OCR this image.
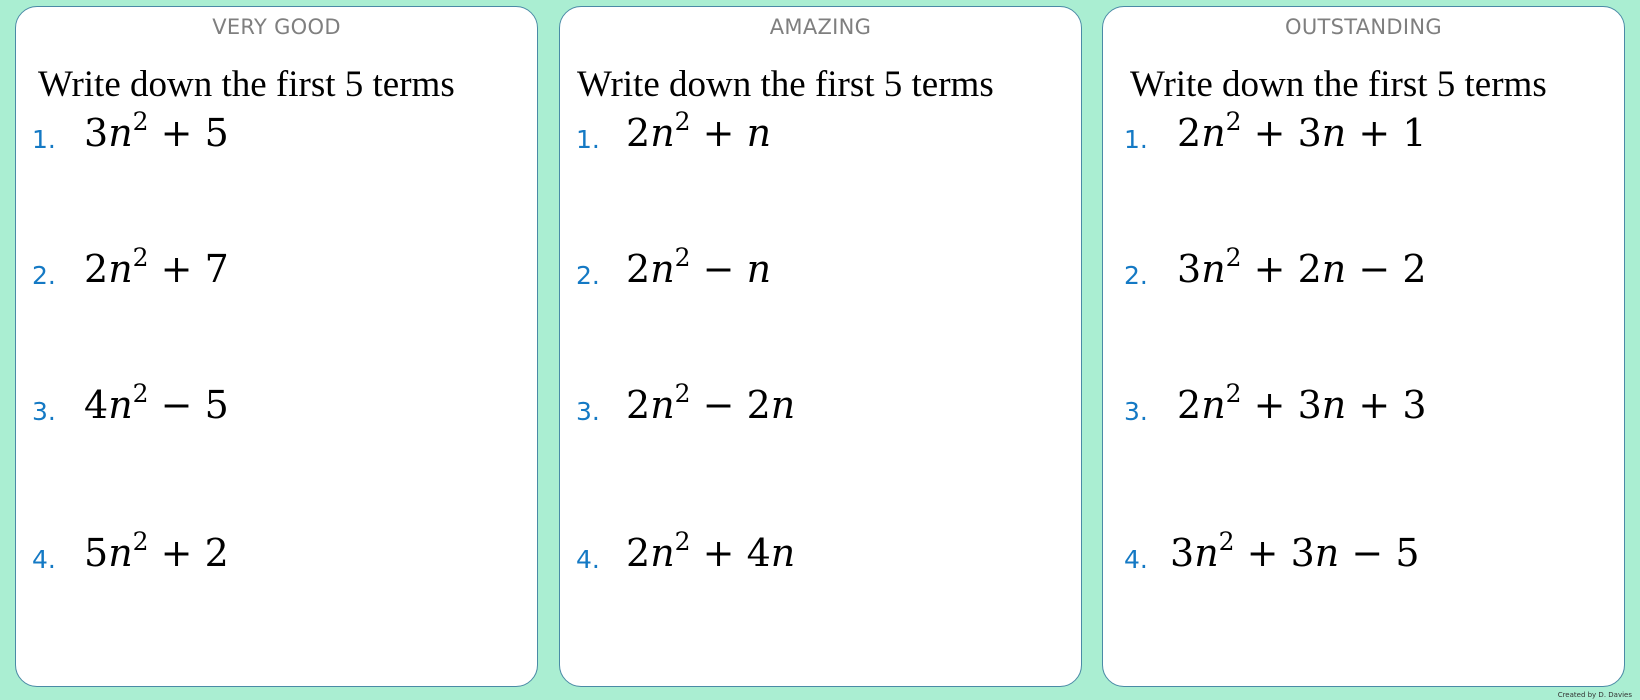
VERY GOOD
Write down the first 5 terms
1. $3n^2 + 5$
2. $2n^2 + 7$
3. $4n^2 - 5$
4. $5n^2 + 2$
AMAZING
Write down the first 5 terms
1. $2n^2 + n$
2. $2n^2 - n$
3. $2n^2 - 2n$
4. $2n^2 + 4n$
OUTSTANDING
Write down the first 5 terms
1. $2n^2 + 3n + 1$
2. $3n^2 + 2n - 2$
3. $2n^2 + 3n + 3$
4. $3n^2 + 3n - 5$
Created by D. Davies
